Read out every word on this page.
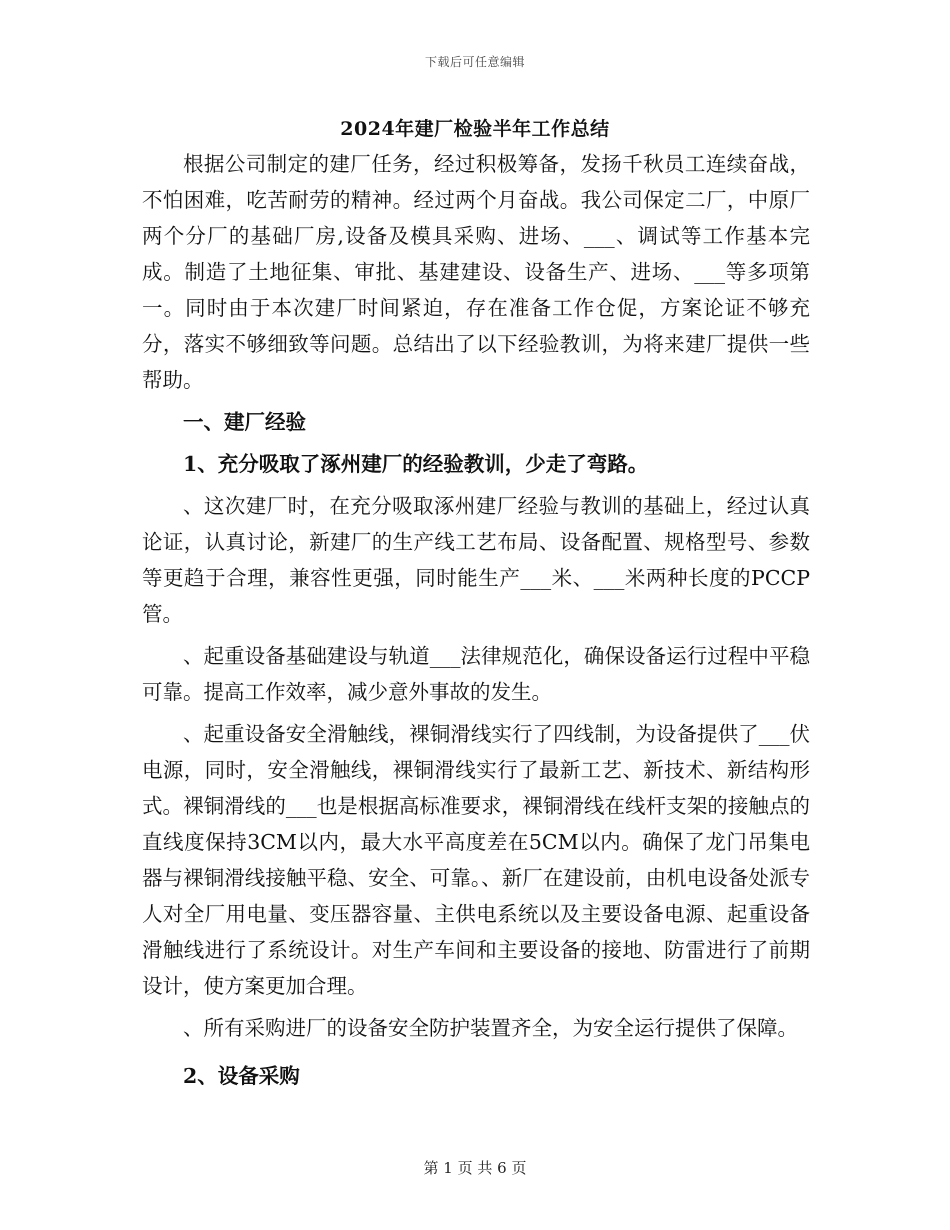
下载后可任意编辑
2024年建厂检验半年工作总结

根据公司制定的建厂任务，经过积极筹备，发扬千秋员工连续奋战，不怕困难，吃苦耐劳的精神。经过两个月奋战。我公司保定二厂，中原厂两个分厂的基础厂房,设备及模具采购、进场、___、调试等工作基本完成。制造了土地征集、审批、基建建设、设备生产、进场、___等多项第一。同时由于本次建厂时间紧迫，存在准备工作仓促，方案论证不够充分，落实不够细致等问题。总结出了以下经验教训，为将来建厂提供一些帮助。

一、建厂经验

1、充分吸取了涿州建厂的经验教训，少走了弯路。

、这次建厂时，在充分吸取涿州建厂经验与教训的基础上，经过认真论证，认真讨论，新建厂的生产线工艺布局、设备配置、规格型号、参数等更趋于合理，兼容性更强，同时能生产___米、___米两种长度的PCCP管。

、起重设备基础建设与轨道___法律规范化，确保设备运行过程中平稳可靠。提高工作效率，减少意外事故的发生。

、起重设备安全滑触线，裸铜滑线实行了四线制，为设备提供了___伏电源，同时，安全滑触线，裸铜滑线实行了最新工艺、新技术、新结构形式。裸铜滑线的___也是根据高标准要求，裸铜滑线在线杆支架的接触点的直线度保持3CM以内，最大水平高度差在5CM以内。确保了龙门吊集电器与裸铜滑线接触平稳、安全、可靠。、新厂在建设前，由机电设备处派专人对全厂用电量、变压器容量、主供电系统以及主要设备电源、起重设备滑触线进行了系统设计。对生产车间和主要设备的接地、防雷进行了前期设计，使方案更加合理。

、所有采购进厂的设备安全防护装置齐全，为安全运行提供了保障。

2、设备采购

第 1 页 共 6 页
